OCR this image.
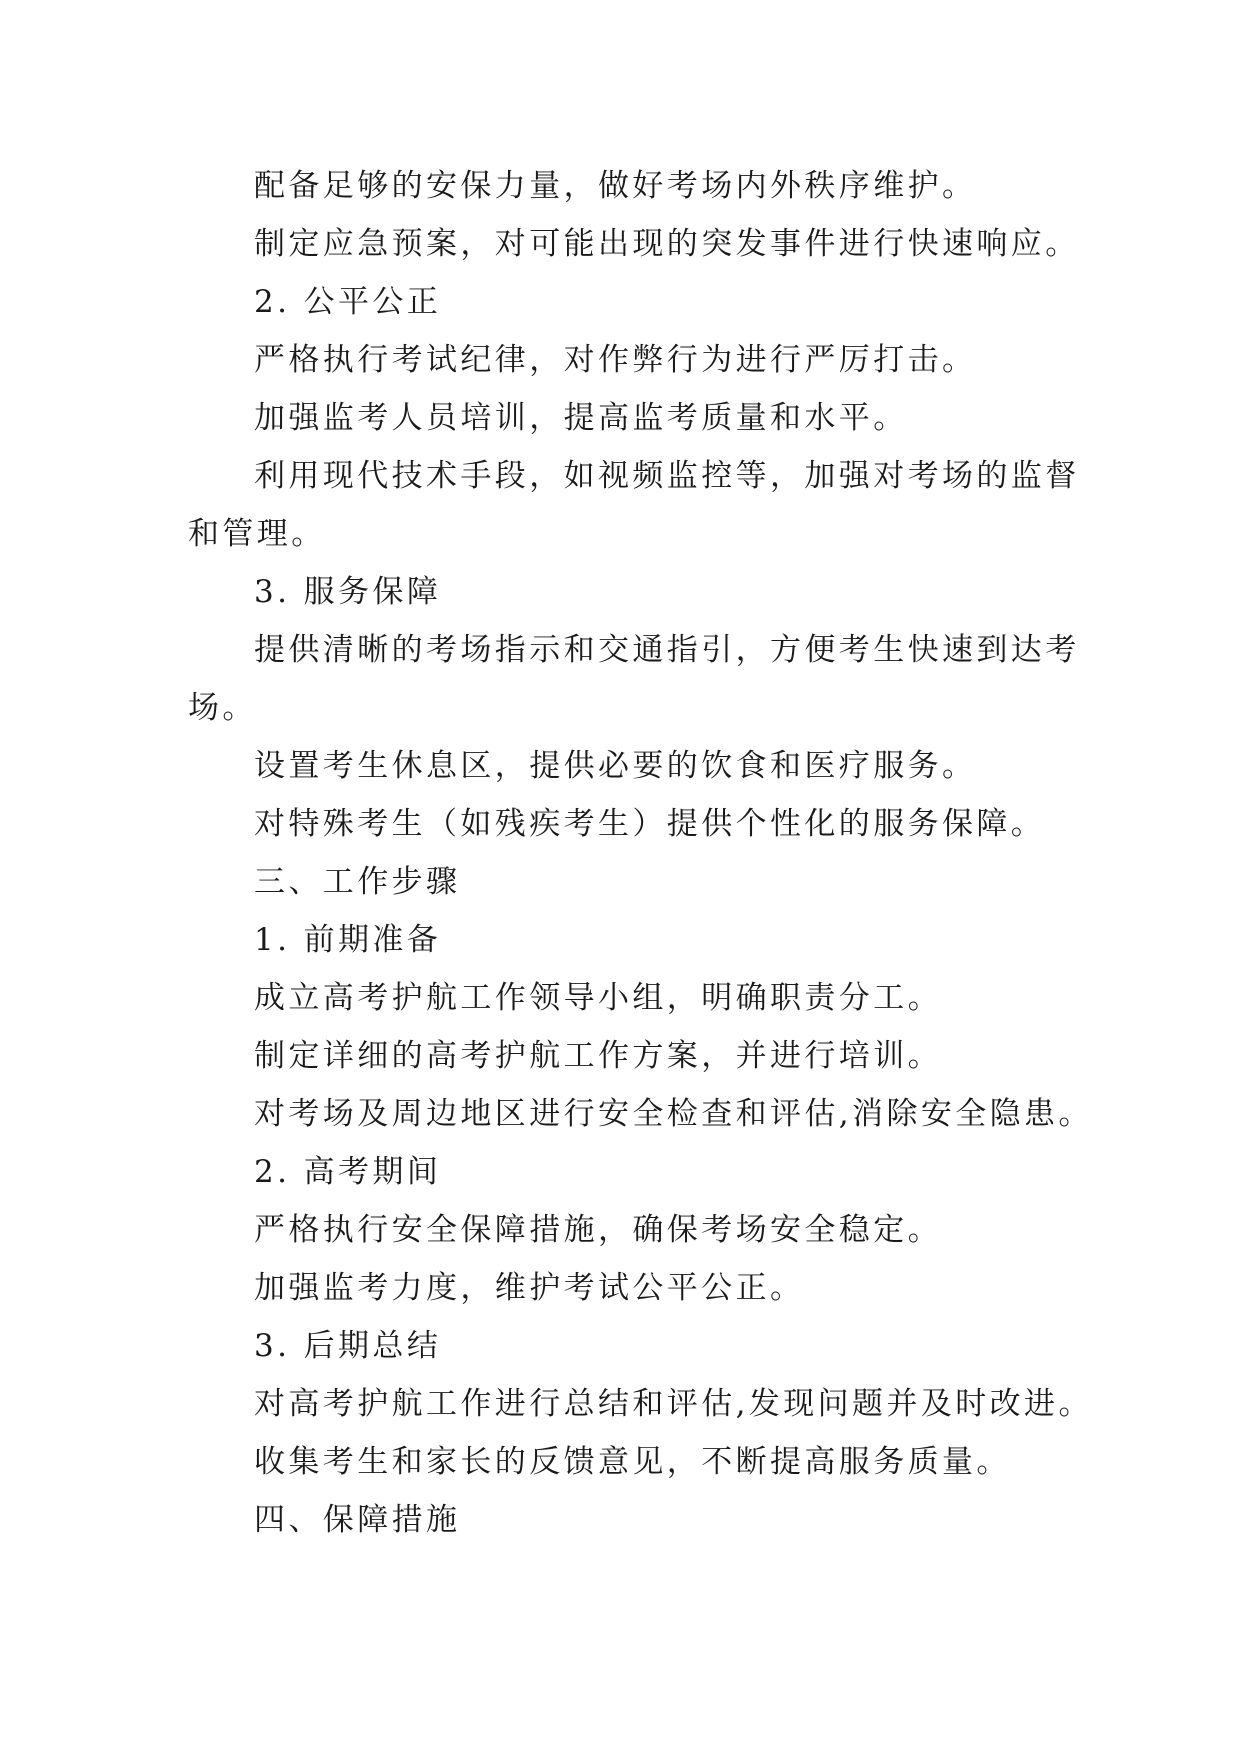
配备足够的安保力量，做好考场内外秩序维护。
制定应急预案，对可能出现的突发事件进行快速响应。
2. 公平公正
严格执行考试纪律，对作弊行为进行严厉打击。
加强监考人员培训，提高监考质量和水平。
利用现代技术手段，如视频监控等，加强对考场的监督
和管理。
3. 服务保障
提供清晰的考场指示和交通指引，方便考生快速到达考
场。
设置考生休息区，提供必要的饮食和医疗服务。
对特殊考生（如残疾考生）提供个性化的服务保障。
三、工作步骤
1. 前期准备
成立高考护航工作领导小组，明确职责分工。
制定详细的高考护航工作方案，并进行培训。
对考场及周边地区进行安全检查和评估,消除安全隐患。
2. 高考期间
严格执行安全保障措施，确保考场安全稳定。
加强监考力度，维护考试公平公正。
3. 后期总结
对高考护航工作进行总结和评估,发现问题并及时改进。
收集考生和家长的反馈意见，不断提高服务质量。
四、保障措施
